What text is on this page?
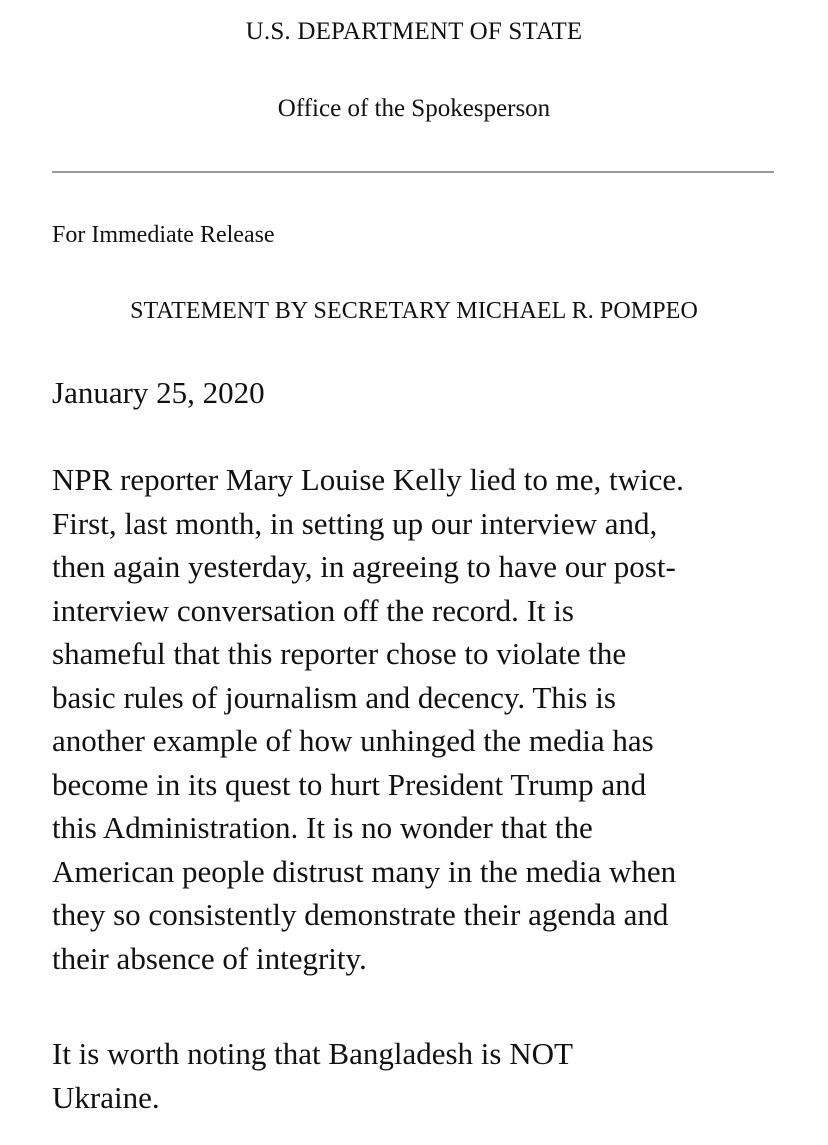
U.S. DEPARTMENT OF STATE
Office of the Spokesperson
For Immediate Release
STATEMENT BY SECRETARY MICHAEL R. POMPEO
January 25, 2020
NPR reporter Mary Louise Kelly lied to me, twice.
First, last month, in setting up our interview and,
then again yesterday, in agreeing to have our post-
interview conversation off the record. It is
shameful that this reporter chose to violate the
basic rules of journalism and decency. This is
another example of how unhinged the media has
become in its quest to hurt President Trump and
this Administration. It is no wonder that the
American people distrust many in the media when
they so consistently demonstrate their agenda and
their absence of integrity.
It is worth noting that Bangladesh is NOT
Ukraine.
